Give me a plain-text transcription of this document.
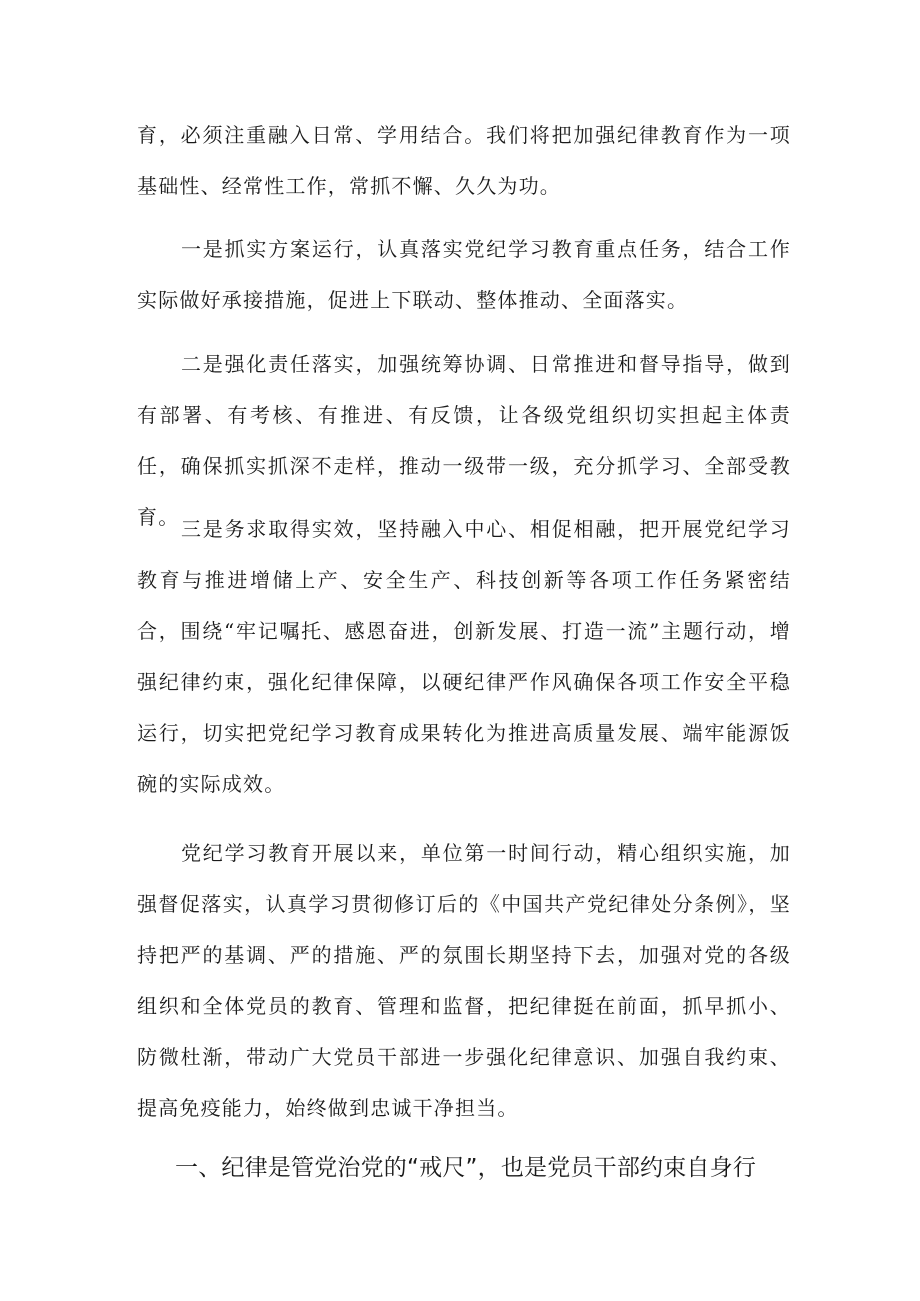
育，必须注重融入日常、学用结合。我们将把加强纪律教育作为一项基础性、经常性工作，常抓不懈、久久为功。

一是抓实方案运行，认真落实党纪学习教育重点任务，结合工作实际做好承接措施，促进上下联动、整体推动、全面落实。

二是强化责任落实，加强统筹协调、日常推进和督导指导，做到有部署、有考核、有推进、有反馈，让各级党组织切实担起主体责任，确保抓实抓深不走样，推动一级带一级，充分抓学习、全部受教育。 三是务求取得实效，坚持融入中心、相促相融，把开展党纪学习教育与推进增储上产、安全生产、科技创新等各项工作任务紧密结合，围绕“牢记嘱托、感恩奋进，创新发展、打造一流”主题行动，增强纪律约束，强化纪律保障，以硬纪律严作风确保各项工作安全平稳运行，切实把党纪学习教育成果转化为推进高质量发展、端牢能源饭碗的实际成效。

党纪学习教育开展以来，单位第一时间行动，精心组织实施，加强督促落实，认真学习贯彻修订后的《中国共产党纪律处分条例》，坚持把严的基调、严的措施、严的氛围长期坚持下去，加强对党的各级组织和全体党员的教育、管理和监督，把纪律挺在前面，抓早抓小、防微杜渐，带动广大党员干部进一步强化纪律意识、加强自我约束、提高免疫能力，始终做到忠诚干净担当。

一、纪律是管党治党的“戒尺”，也是党员干部约束自身行
